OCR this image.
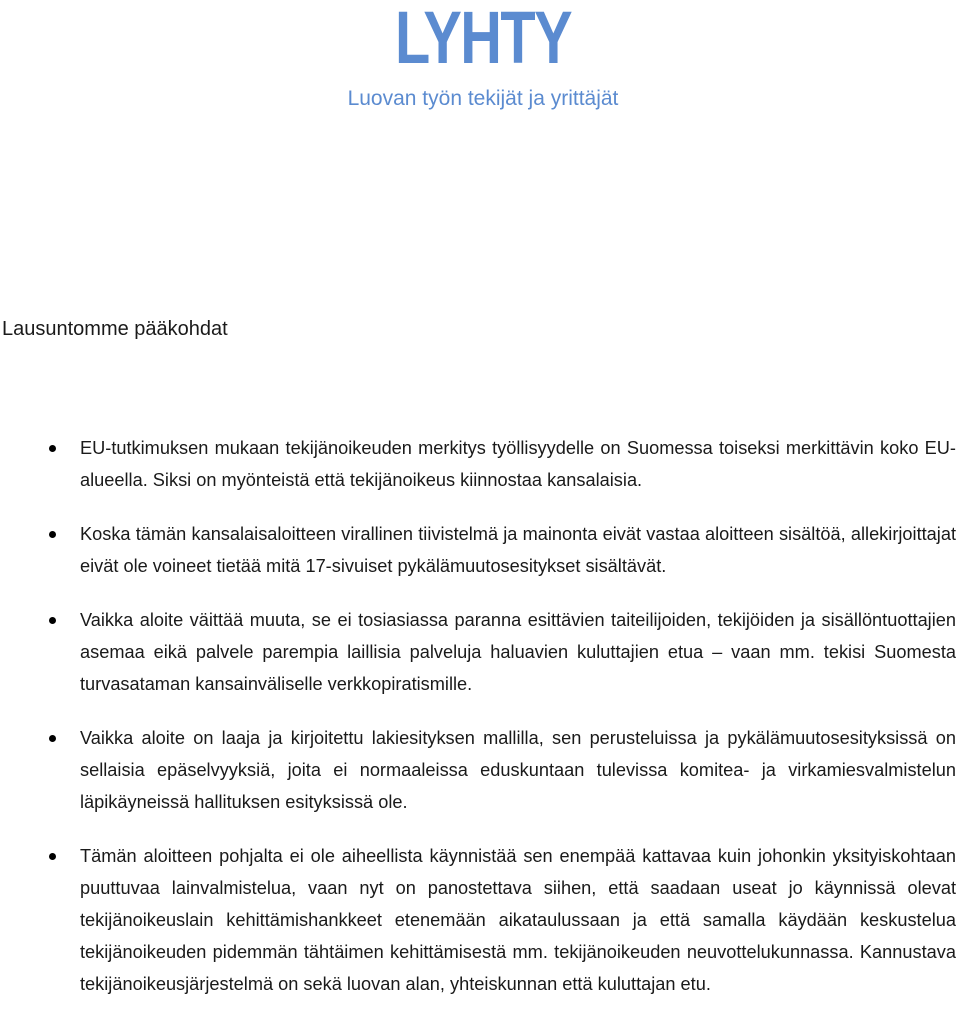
LYHTY
Luovan työn tekijät ja yrittäjät
Lausuntomme pääkohdat
EU-tutkimuksen mukaan tekijänoikeuden merkitys työllisyydelle on Suomessa toiseksi merkittävin koko EU-alueella. Siksi on myönteistä että tekijänoikeus kiinnostaa kansalaisia.
Koska tämän kansalaisaloitteen virallinen tiivistelmä ja mainonta eivät vastaa aloitteen sisältöä, allekirjoittajat eivät ole voineet tietää mitä 17-sivuiset pykälämuutosesitykset sisältävät.
Vaikka aloite väittää muuta, se ei tosiasiassa paranna esittävien taiteilijoiden, tekijöiden ja sisällöntuottajien asemaa eikä palvele parempia laillisia palveluja haluavien kuluttajien etua – vaan mm. tekisi Suomesta turvasataman kansainväliselle verkkopiratismille.
Vaikka aloite on laaja ja kirjoitettu lakiesityksen mallilla, sen perusteluissa ja pykälämuutosesityksissä on sellaisia epäselvyyksiä, joita ei normaaleissa eduskuntaan tulevissa komitea- ja virkamiesvalmistelun läpikäyneissä hallituksen esityksissä ole.
Tämän aloitteen pohjalta ei ole aiheellista käynnistää sen enempää kattavaa kuin johonkin yksityiskohtaan puuttuvaa lainvalmistelua, vaan nyt on panostettava siihen, että saadaan useat jo käynnissä olevat tekijänoikeuslain kehittämishankkeet etenemään aikataulussaan ja että samalla käydään keskustelua tekijänoikeuden pidemmän tähtäimen kehittämisestä mm. tekijänoikeuden neuvottelukunnassa. Kannustava tekijänoikeusjärjestelmä on sekä luovan alan, yhteiskunnan että kuluttajan etu.
